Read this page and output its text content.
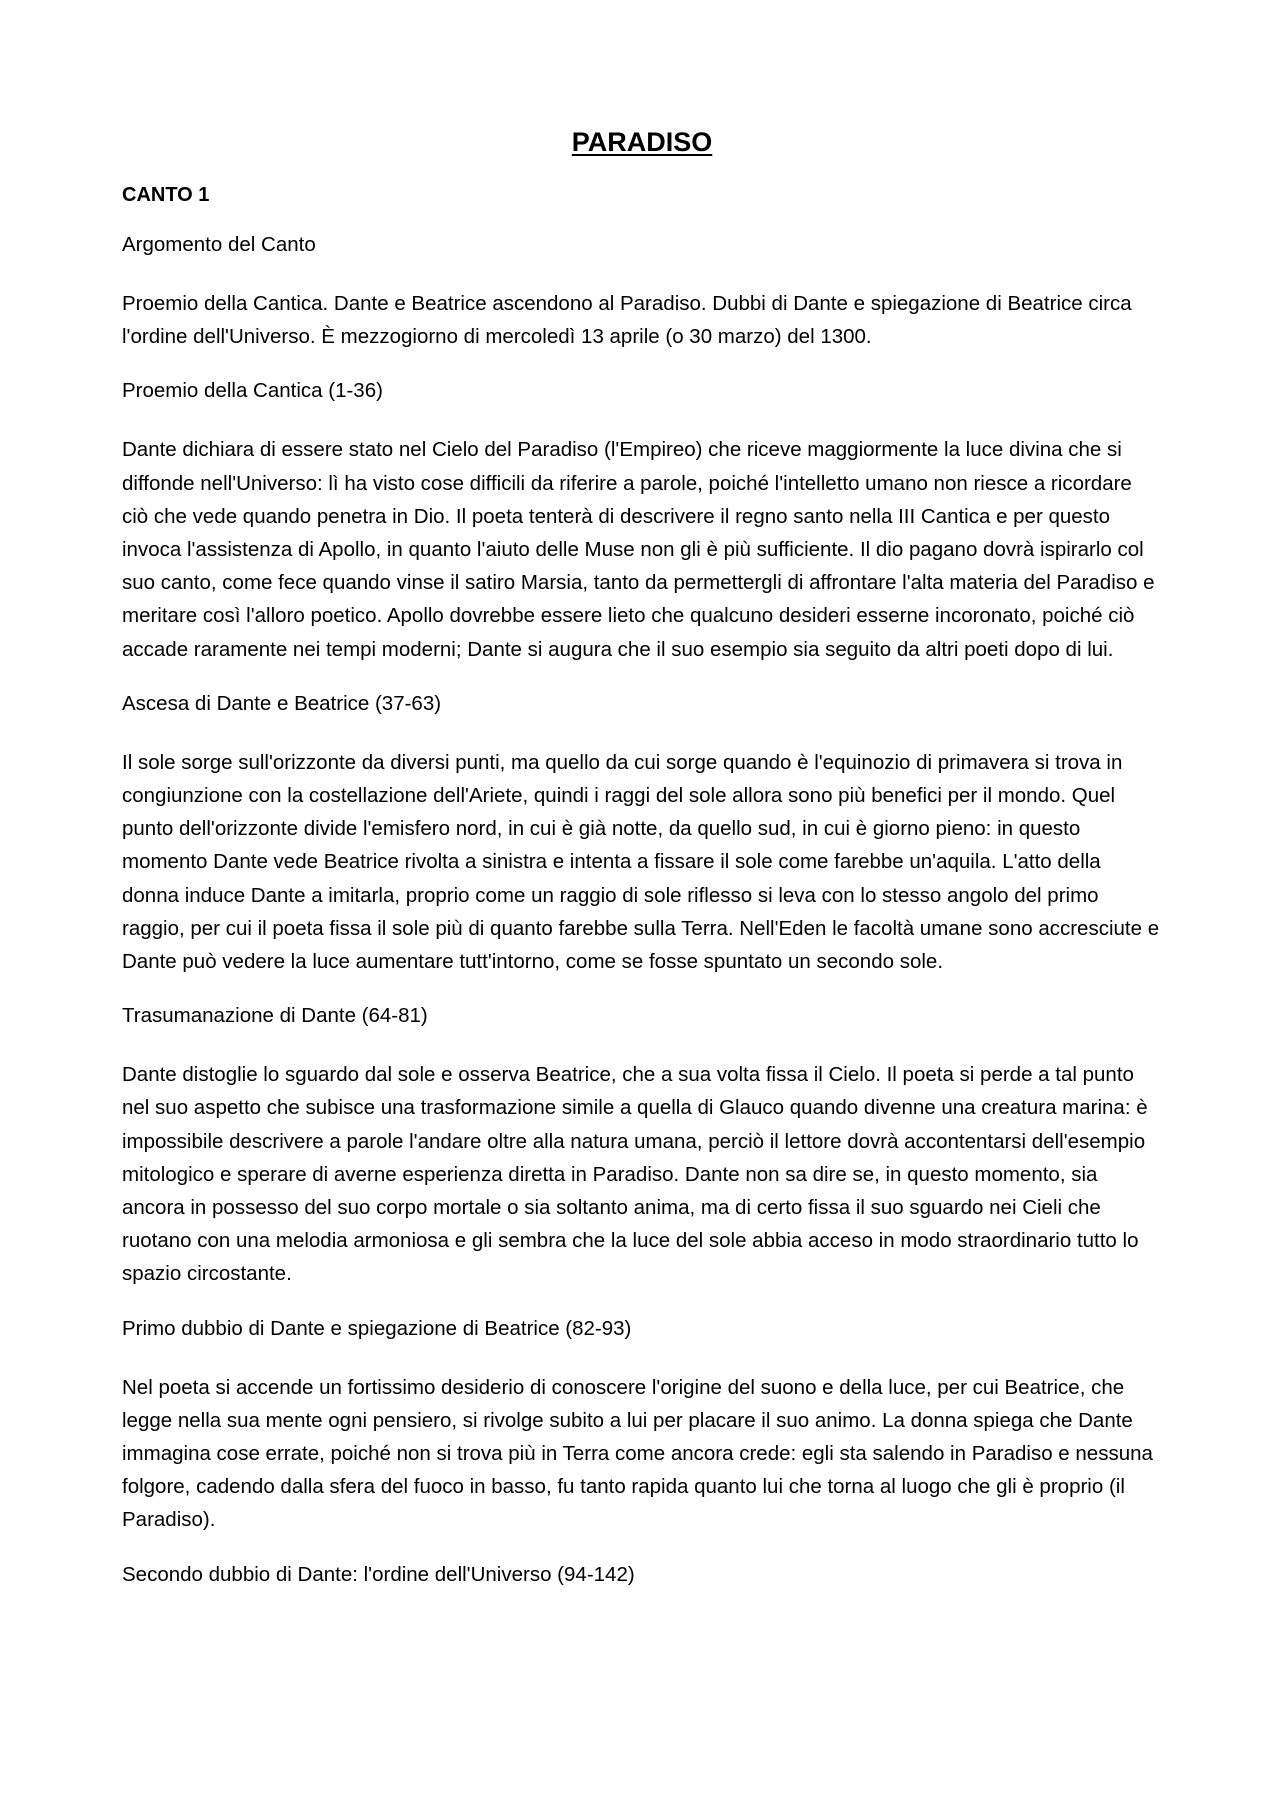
PARADISO
CANTO 1
Argomento del Canto
Proemio della Cantica. Dante e Beatrice ascendono al Paradiso. Dubbi di Dante e spiegazione di Beatrice circa l'ordine dell'Universo. È mezzogiorno di mercoledì 13 aprile (o 30 marzo) del 1300.
Proemio della Cantica (1-36)
Dante dichiara di essere stato nel Cielo del Paradiso (l'Empireo) che riceve maggiormente la luce divina che si diffonde nell'Universo: lì ha visto cose difficili da riferire a parole, poiché l'intelletto umano non riesce a ricordare ciò che vede quando penetra in Dio. Il poeta tenterà di descrivere il regno santo nella III Cantica e per questo invoca l'assistenza di Apollo, in quanto l'aiuto delle Muse non gli è più sufficiente. Il dio pagano dovrà ispirarlo col suo canto, come fece quando vinse il satiro Marsia, tanto da permettergli di affrontare l'alta materia del Paradiso e meritare così l'alloro poetico. Apollo dovrebbe essere lieto che qualcuno desideri esserne incoronato, poiché ciò accade raramente nei tempi moderni; Dante si augura che il suo esempio sia seguito da altri poeti dopo di lui.
Ascesa di Dante e Beatrice (37-63)
Il sole sorge sull'orizzonte da diversi punti, ma quello da cui sorge quando è l'equinozio di primavera si trova in congiunzione con la costellazione dell'Ariete, quindi i raggi del sole allora sono più benefici per il mondo. Quel punto dell'orizzonte divide l'emisfero nord, in cui è già notte, da quello sud, in cui è giorno pieno: in questo momento Dante vede Beatrice rivolta a sinistra e intenta a fissare il sole come farebbe un'aquila. L'atto della donna induce Dante a imitarla, proprio come un raggio di sole riflesso si leva con lo stesso angolo del primo raggio, per cui il poeta fissa il sole più di quanto farebbe sulla Terra. Nell'Eden le facoltà umane sono accresciute e Dante può vedere la luce aumentare tutt'intorno, come se fosse spuntato un secondo sole.
Trasumanazione di Dante (64-81)
Dante distoglie lo sguardo dal sole e osserva Beatrice, che a sua volta fissa il Cielo. Il poeta si perde a tal punto nel suo aspetto che subisce una trasformazione simile a quella di Glauco quando divenne una creatura marina: è impossibile descrivere a parole l'andare oltre alla natura umana, perciò il lettore dovrà accontentarsi dell'esempio mitologico e sperare di averne esperienza diretta in Paradiso. Dante non sa dire se, in questo momento, sia ancora in possesso del suo corpo mortale o sia soltanto anima, ma di certo fissa il suo sguardo nei Cieli che ruotano con una melodia armoniosa e gli sembra che la luce del sole abbia acceso in modo straordinario tutto lo spazio circostante.
Primo dubbio di Dante e spiegazione di Beatrice (82-93)
Nel poeta si accende un fortissimo desiderio di conoscere l'origine del suono e della luce, per cui Beatrice, che legge nella sua mente ogni pensiero, si rivolge subito a lui per placare il suo animo. La donna spiega che Dante immagina cose errate, poiché non si trova più in Terra come ancora crede: egli sta salendo in Paradiso e nessuna folgore, cadendo dalla sfera del fuoco in basso, fu tanto rapida quanto lui che torna al luogo che gli è proprio (il Paradiso).
Secondo dubbio di Dante: l'ordine dell'Universo (94-142)
